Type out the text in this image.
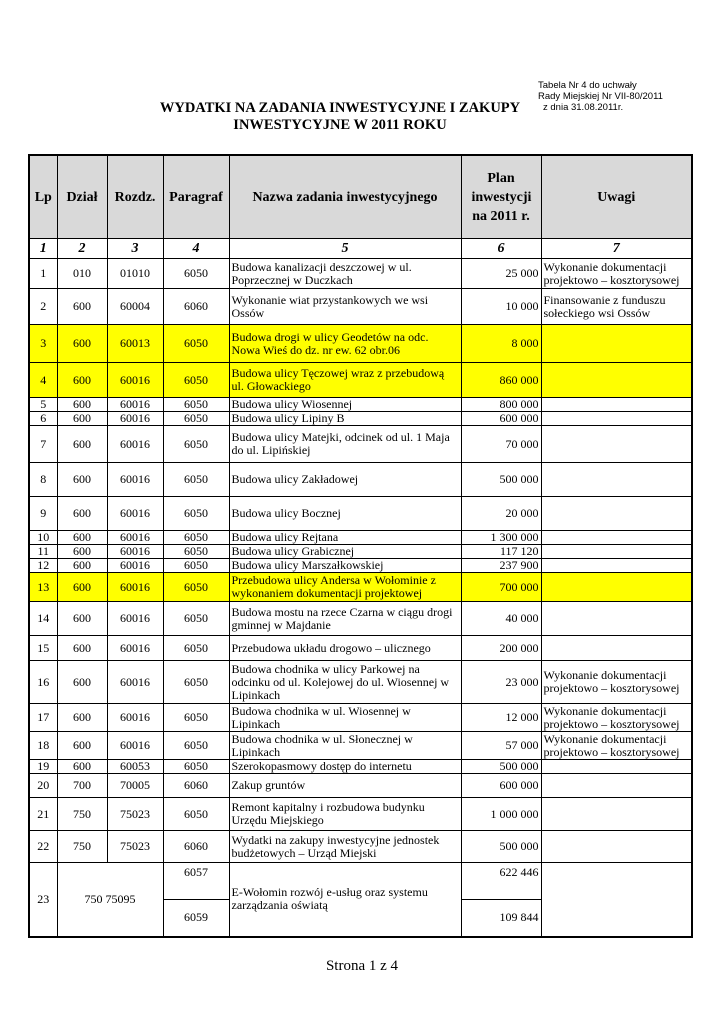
Tabela Nr 4 do uchwały
Rady Miejskiej Nr VII-80/2011
z dnia 31.08.2011r.
WYDATKI NA ZADANIA INWESTYCYJNE I ZAKUPY
INWESTYCYJNE W 2011 ROKU
Lp	Dział	Rozdz.	Paragraf	Nazwa zadania inwestycyjnego	Plan inwestycji na 2011 r.	Uwagi
1	2	3	4	5	6	7
1	010	01010	6050	Budowa kanalizacji deszczowej w ul. Poprzecznej w Duczkach	25 000	Wykonanie dokumentacji projektowo – kosztorysowej
2	600	60004	6060	Wykonanie wiat przystankowych we wsi Ossów	10 000	Finansowanie z funduszu sołeckiego wsi Ossów
3	600	60013	6050	Budowa drogi w ulicy Geodetów na odc. Nowa Wieś do dz. nr ew. 62 obr.06	8 000	
4	600	60016	6050	Budowa ulicy Tęczowej wraz z przebudową ul. Głowackiego	860 000	
5	600	60016	6050	Budowa ulicy Wiosennej	800 000	
6	600	60016	6050	Budowa ulicy Lipiny B	600 000	
7	600	60016	6050	Budowa ulicy Matejki, odcinek od ul. 1 Maja do ul. Lipińskiej	70 000	
8	600	60016	6050	Budowa ulicy Zakładowej	500 000	
9	600	60016	6050	Budowa ulicy Bocznej	20 000	
10	600	60016	6050	Budowa ulicy Rejtana	1 300 000	
11	600	60016	6050	Budowa ulicy Grabicznej	117 120	
12	600	60016	6050	Budowa ulicy Marszałkowskiej	237 900	
13	600	60016	6050	Przebudowa ulicy Andersa w Wołominie z wykonaniem dokumentacji projektowej	700 000	
14	600	60016	6050	Budowa mostu na rzece Czarna w ciągu drogi gminnej w Majdanie	40 000	
15	600	60016	6050	Przebudowa układu drogowo – ulicznego	200 000	
16	600	60016	6050	Budowa chodnika w ulicy Parkowej na odcinku od ul. Kolejowej do ul. Wiosennej w Lipinkach	23 000	Wykonanie dokumentacji projektowo – kosztorysowej
17	600	60016	6050	Budowa chodnika w ul. Wiosennej w Lipinkach	12 000	Wykonanie dokumentacji projektowo – kosztorysowej
18	600	60016	6050	Budowa chodnika w ul. Słonecznej w Lipinkach	57 000	Wykonanie dokumentacji projektowo – kosztorysowej
19	600	60053	6050	Szerokopasmowy dostęp do internetu	500 000	
20	700	70005	6060	Zakup gruntów	600 000	
21	750	75023	6050	Remont kapitalny i rozbudowa budynku Urzędu Miejskiego	1 000 000	
22	750	75023	6060	Wydatki na zakupy inwestycyjne jednostek budżetowych – Urząd Miejski	500 000	
23	750 75095		6057	E-Wołomin rozwój e-usług oraz systemu zarządzania oświatą	622 446	
			6059		109 844	
Strona 1 z 4
